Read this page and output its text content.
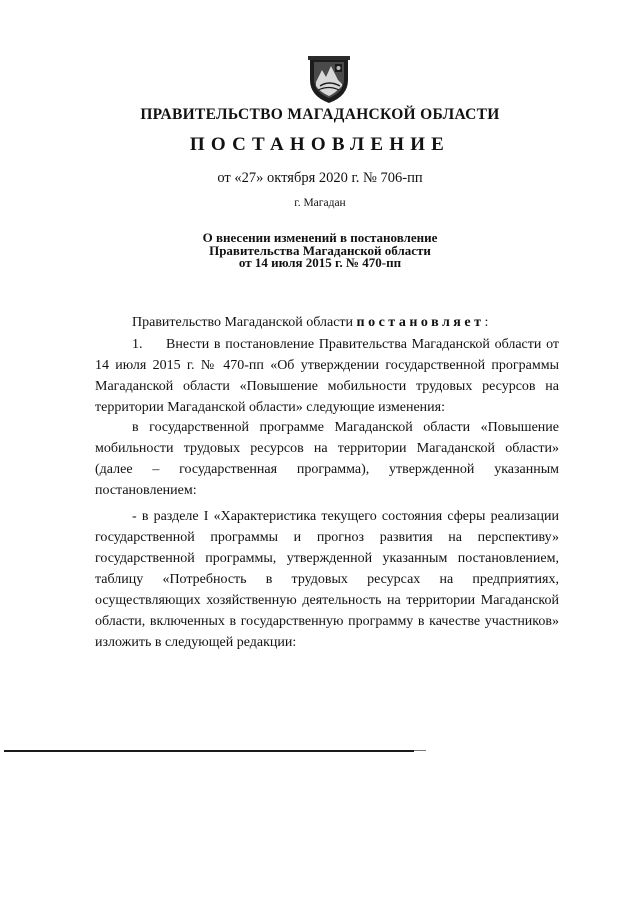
ПРАВИТЕЛЬСТВО МАГАДАНСКОЙ ОБЛАСТИ
ПОСТАНОВЛЕНИЕ
от «27» октября 2020 г. № 706-пп
г. Магадан
О внесении изменений в постановление
Правительства Магаданской области
от 14 июля 2015 г. № 470-пп
Правительство Магаданской области постановляет:
1. Внести в постановление Правительства Магаданской области от 14 июля 2015 г. № 470-пп «Об утверждении государственной программы Магаданской области «Повышение мобильности трудовых ресурсов на территории Магаданской области» следующие изменения:
в государственной программе Магаданской области «Повышение мобильности трудовых ресурсов на территории Магаданской области» (далее – государственная программа), утвержденной указанным постановлением:
- в разделе I «Характеристика текущего состояния сферы реализации государственной программы и прогноз развития на перспективу» государственной программы, утвержденной указанным постановлением, таблицу «Потребность в трудовых ресурсах на предприятиях, осуществляющих хозяйственную деятельность на территории Магаданской области, включенных в государственную программу в качестве участников» изложить в следующей редакции:
